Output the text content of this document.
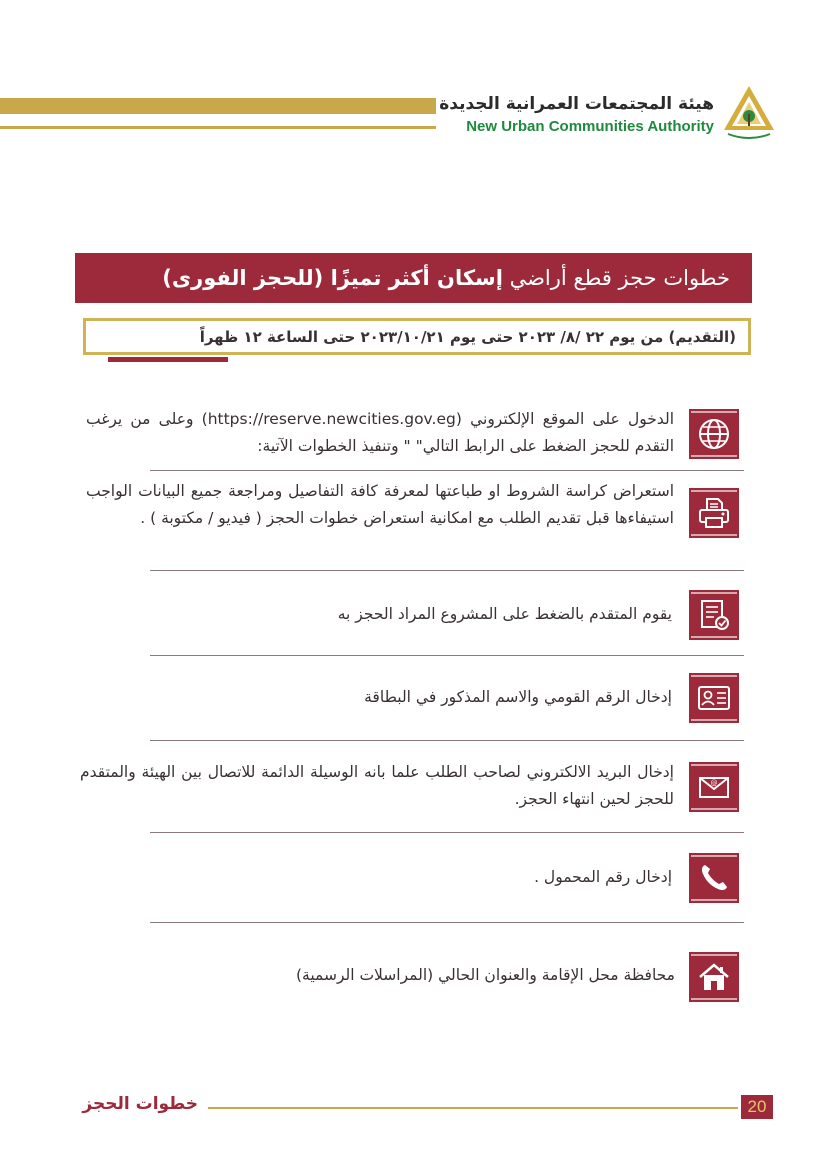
هيئة المجتمعات العمرانية الجديدة
New Urban Communities Authority
خطوات حجز قطع أراضي إسكان أكثر تميزًا (للحجز الفورى)
(التقديم) من يوم ٢٢ /٨/ ٢٠٢٣ حتى يوم ٢٠٢٣/١٠/٢١ حتى الساعة ١٢ ظهراً
الدخول على الموقع الإلكتروني (https://reserve.newcities.gov.eg) وعلى من يرغب التقدم للحجز الضغط على الرابط التالي" " وتنفيذ الخطوات الآتية:
استعراض كراسة الشروط او طباعتها لمعرفة كافة التفاصيل ومراجعة جميع البيانات الواجب استيفاءها قبل تقديم الطلب مع امكانية استعراض خطوات الحجز ( فيديو / مكتوبة ) .
يقوم المتقدم بالضغط على المشروع المراد الحجز به
إدخال الرقم القومي والاسم المذكور في البطاقة
@
إدخال البريد الالكتروني لصاحب الطلب علما بانه الوسيلة الدائمة للاتصال بين الهيئة والمتقدم للحجز لحين انتهاء الحجز.
إدخال رقم المحمول .
محافظة محل الإقامة والعنوان الحالي (المراسلات الرسمية)
خطوات الحجز	20
